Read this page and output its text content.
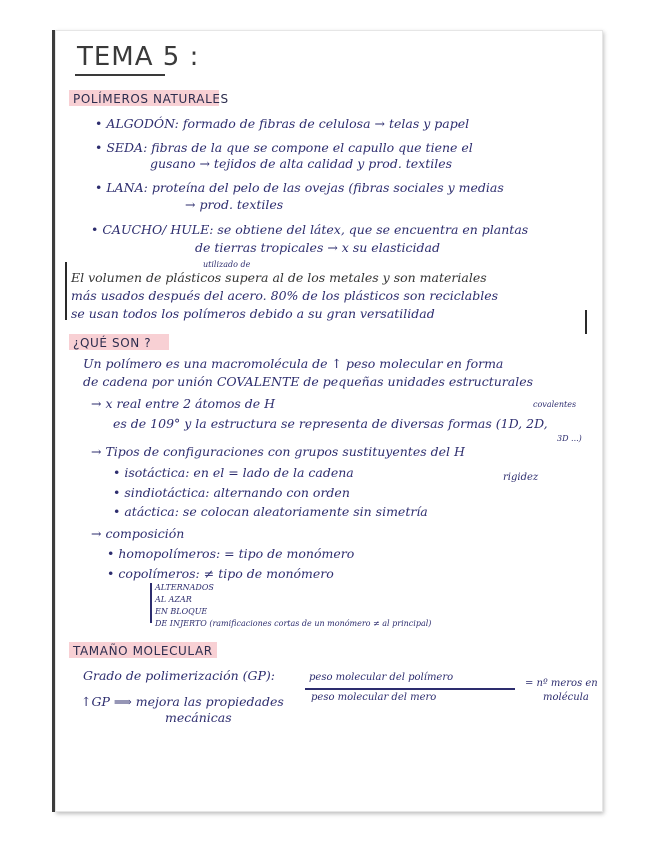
TEMA 5 :
POLÍMEROS NATURALES
• ALGODÓN: formado de fibras de celulosa → telas y papel
• SEDA: fibras de la que se compone el capullo que tiene el
gusano → tejidos de alta calidad y prod. textiles
• LANA: proteína del pelo de las ovejas (fibras sociales y medias
→ prod. textiles
• CAUCHO/ HULE: se obtiene del látex, que se encuentra en plantas
de tierras tropicales → x su elasticidad
utilizado de
El volumen de plásticos supera al de los metales y son materiales
más usados después del acero. 80% de los plásticos son reciclables
se usan todos los polímeros debido a su gran versatilidad
¿QUÉ SON ?
Un polímero es una macromolécula de ↑ peso molecular en forma
de cadena por unión COVALENTE de pequeñas unidades estructurales
covalentes
→ x real entre 2 átomos de H
es de 109° y la estructura se representa de diversas formas (1D, 2D,
3D ...)
→ Tipos de configuraciones con grupos sustituyentes del H
• isotáctica: en el = lado de la cadena	rigidez
• sindiotáctica: alternando con orden
• atáctica: se colocan aleatoriamente sin simetría
→ composición
• homopolímeros: = tipo de monómero
• copolímeros: ≠ tipo de monómero
ALTERNADOS
AL AZAR
EN BLOQUE
DE INJERTO (ramificaciones cortas de un monómero ≠ al principal)
TAMAÑO MOLECULAR
Grado de polimerización (GP):	peso molecular del polímero
peso molecular del mero
= nº meros en
molécula
↑GP ⟹ mejora las propiedades
mecánicas
